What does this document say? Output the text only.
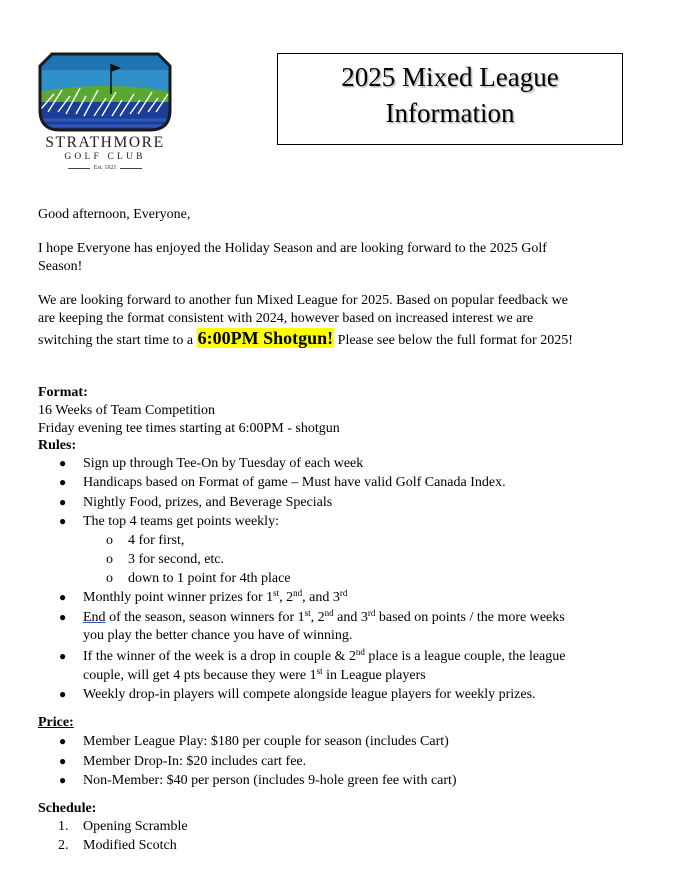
STRATHMORE
GOLF CLUB
Est. 1921
2025 Mixed League
Information
Good afternoon, Everyone,
I hope Everyone has enjoyed the Holiday Season and are looking forward to the 2025 Golf
Season!
We are looking forward to another fun Mixed League for 2025. Based on popular feedback we
are keeping the format consistent with 2024, however based on increased interest we are
switching the start time to a 6:00PM Shotgun! Please see below the full format for 2025!
Format:
16 Weeks of Team Competition
Friday evening tee times starting at 6:00PM - shotgun
Rules:
● Sign up through Tee-On by Tuesday of each week
● Handicaps based on Format of game – Must have valid Golf Canada Index.
● Nightly Food, prizes, and Beverage Specials
● The top 4 teams get points weekly:
o 4 for first,
o 3 for second, etc.
o down to 1 point for 4th place
● Monthly point winner prizes for 1st, 2nd, and 3rd
● End of the season, season winners for 1st, 2nd and 3rd based on points / the more weeks
you play the better chance you have of winning.
● If the winner of the week is a drop in couple & 2nd place is a league couple, the league
couple, will get 4 pts because they were 1st in League players
● Weekly drop-in players will compete alongside league players for weekly prizes.
Price:
● Member League Play: $180 per couple for season (includes Cart)
● Member Drop-In: $20 includes cart fee.
● Non-Member: $40 per person (includes 9-hole green fee with cart)
Schedule:
1. Opening Scramble
2. Modified Scotch
